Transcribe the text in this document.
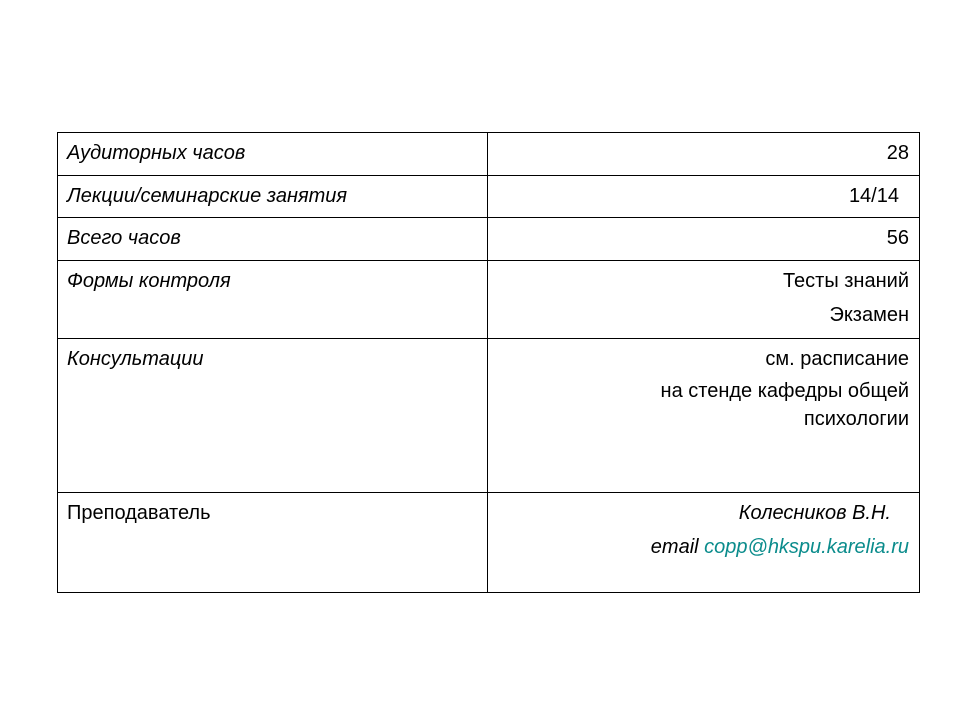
Аудиторных часов	28

Лекции/семинарские занятия	14/14

Всего часов	56

Формы контроля	Тесты знаний
Экзамен

Консультации	см. расписание
на стенде кафедры общей
психологии

Преподаватель	Колесников В.Н.
email copp@hkspu.karelia.ru
